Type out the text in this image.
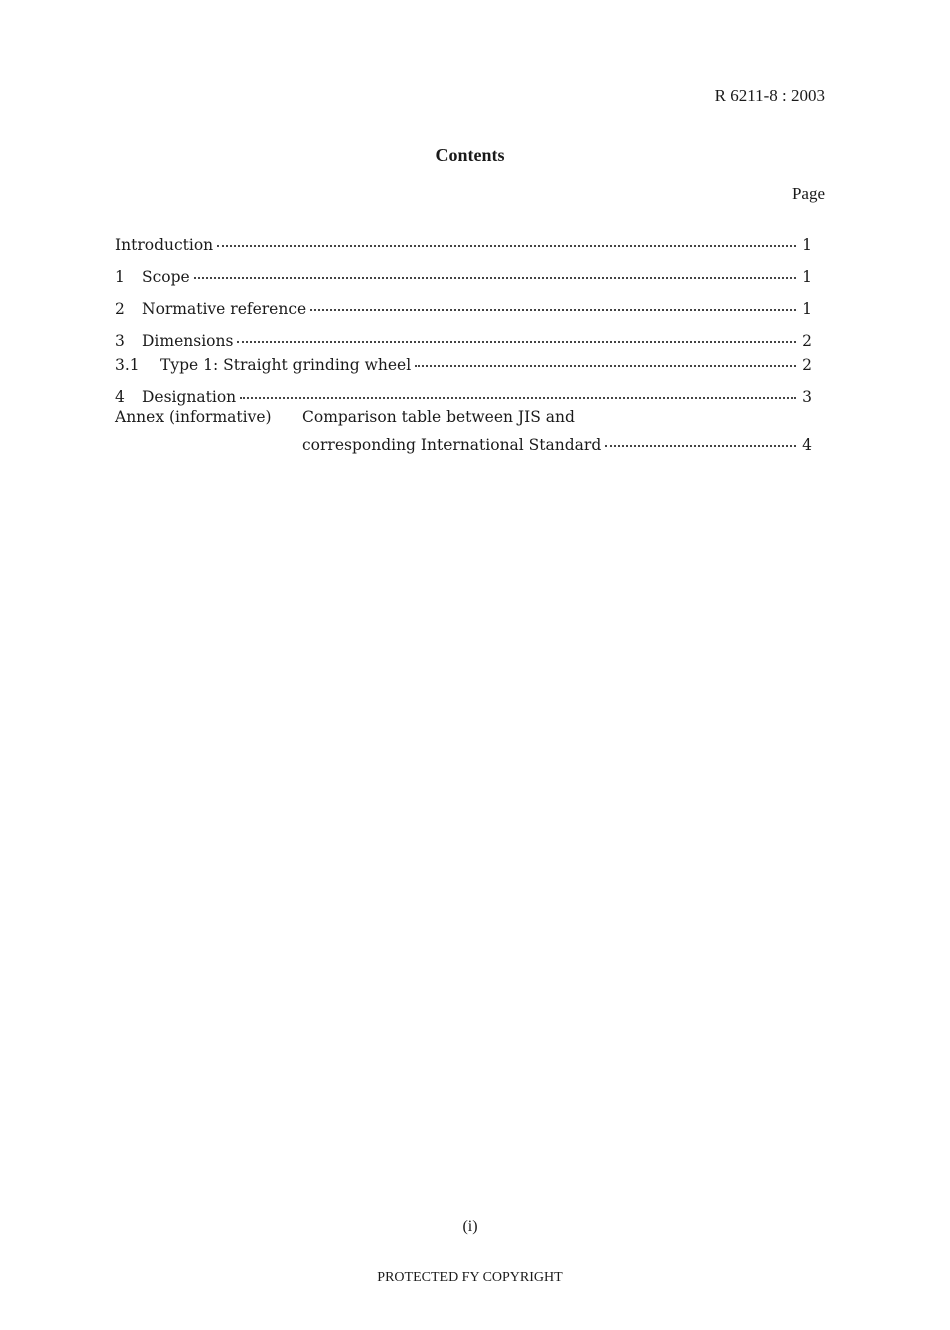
R 6211-8 : 2003
Contents
Page
Introduction	1
1	Scope	1
2	Normative reference	1
3	Dimensions	2
3.1	Type 1: Straight grinding wheel	2
4	Designation	3
Annex (informative) Comparison table between JIS and
corresponding International Standard	4
(i)
PROTECTED FY COPYRIGHT
